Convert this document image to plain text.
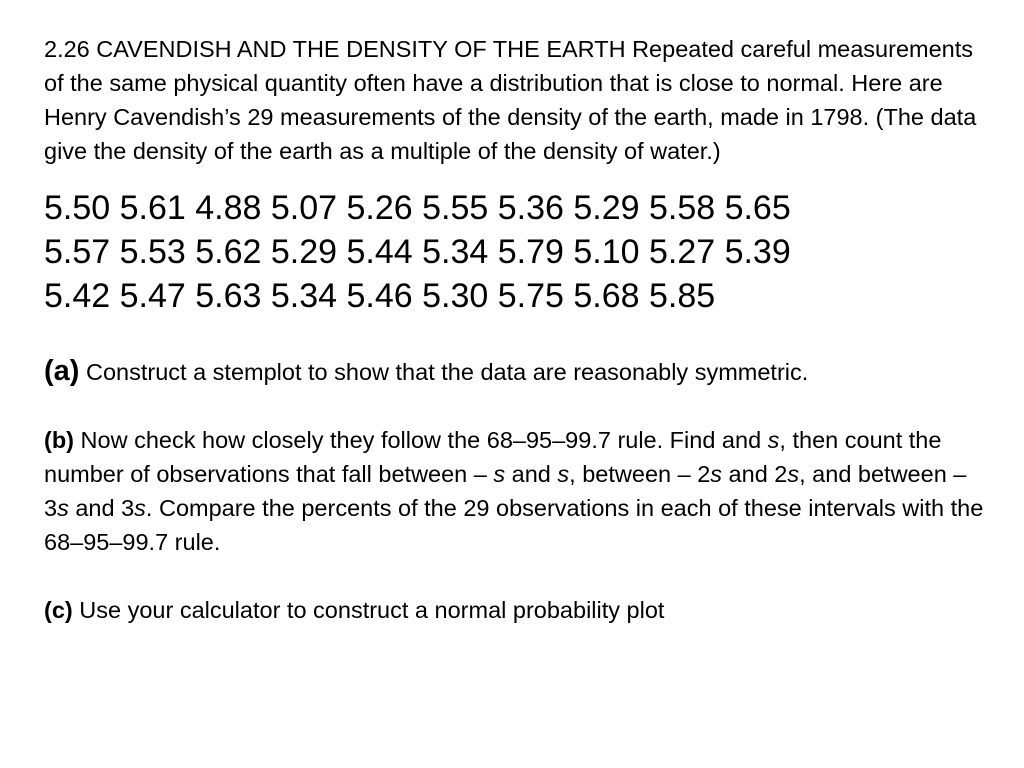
2.26 CAVENDISH AND THE DENSITY OF THE EARTH Repeated careful measurements of the same physical quantity often have a distribution that is close to normal. Here are Henry Cavendish’s 29 measurements of the density of the earth, made in 1798. (The data give the density of the earth as a multiple of the density of water.)

5.50 5.61 4.88 5.07 5.26 5.55 5.36 5.29 5.58 5.65
5.57 5.53 5.62 5.29 5.44 5.34 5.79 5.10 5.27 5.39
5.42 5.47 5.63 5.34 5.46 5.30 5.75 5.68 5.85

(a) Construct a stemplot to show that the data are reasonably symmetric.

(b) Now check how closely they follow the 68–95–99.7 rule. Find and s, then count the number of observations that fall between – s and s, between – 2s and 2s, and between – 3s and 3s. Compare the percents of the 29 observations in each of these intervals with the 68–95–99.7 rule.

(c) Use your calculator to construct a normal probability plot
